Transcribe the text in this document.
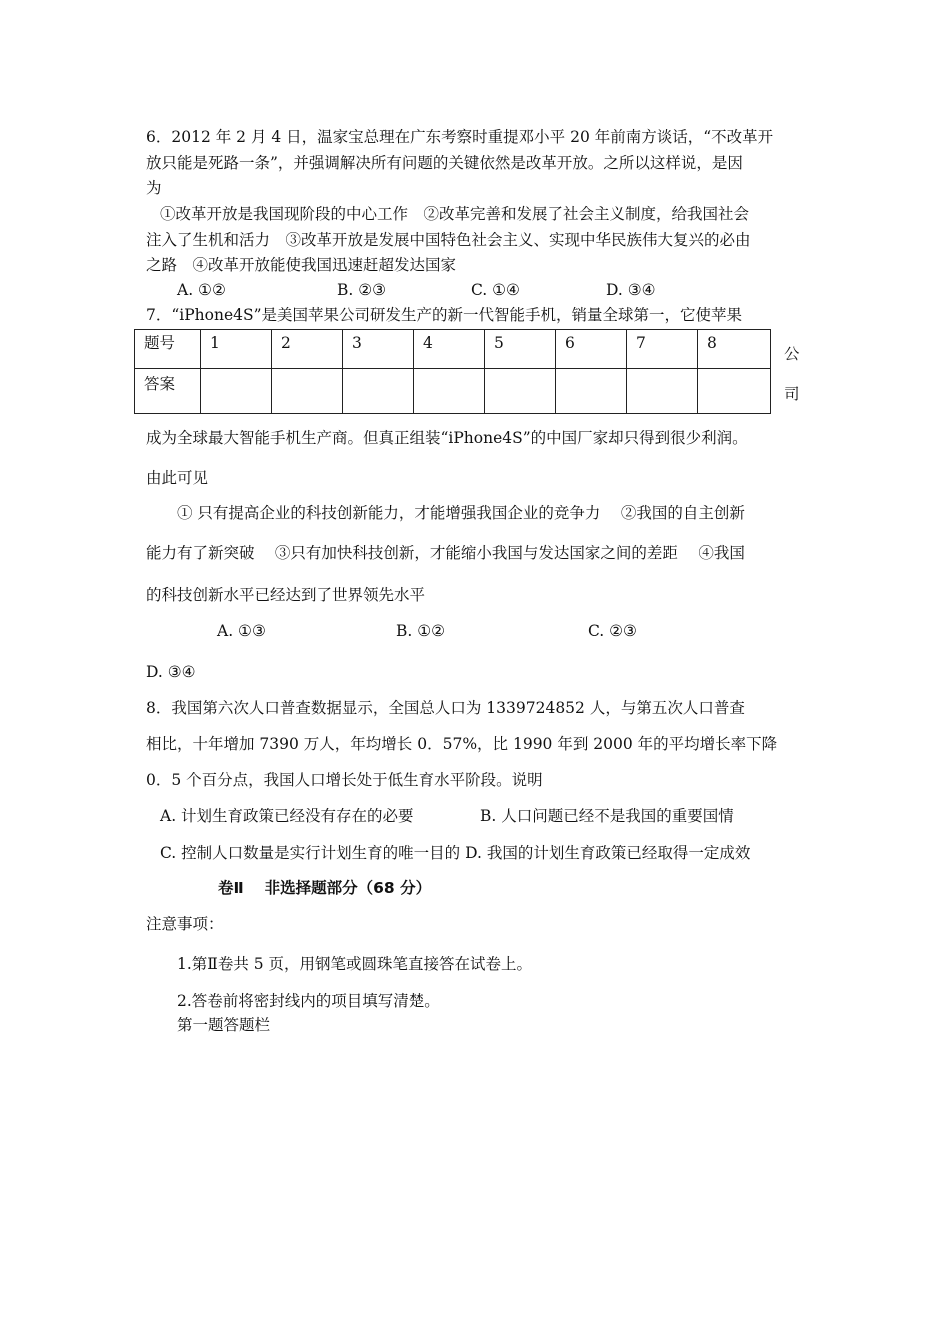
6．2012 年 2 月 4 日，温家宝总理在广东考察时重提邓小平 20 年前南方谈话，“不改革开
放只能是死路一条”，并强调解决所有问题的关键依然是改革开放。之所以这样说，是因
为
①改革开放是我国现阶段的中心工作　②改革完善和发展了社会主义制度，给我国社会
注入了生机和活力　③改革开放是发展中国特色社会主义、实现中华民族伟大复兴的必由
之路　④改革开放能使我国迅速赶超发达国家
A. ①②	B. ②③	C. ①④	D. ③④
7．“iPhone4S”是美国苹果公司研发生产的新一代智能手机，销量全球第一，它使苹果
题号	1	2	3	4	5	6	7	8
答案								
公
司
成为全球最大智能手机生产商。但真正组装“iPhone4S”的中国厂家却只得到很少利润。
由此可见
① 只有提高企业的科技创新能力，才能增强我国企业的竞争力　 ②我国的自主创新
能力有了新突破　 ③只有加快科技创新，才能缩小我国与发达国家之间的差距　 ④我国
的科技创新水平已经达到了世界领先水平
A. ①③	B. ①②	C. ②③
D. ③④
8．我国第六次人口普查数据显示，全国总人口为 1339724852 人，与第五次人口普查
相比，十年增加 7390 万人，年均增长 0．57%，比 1990 年到 2000 年的平均增长率下降
0．5 个百分点，我国人口增长处于低生育水平阶段。说明
A. 计划生育政策已经没有存在的必要	B. 人口问题已经不是我国的重要国情
C. 控制人口数量是实行计划生育的唯一目的 D. 我国的计划生育政策已经取得一定成效
卷Ⅱ　 非选择题部分（68 分）
注意事项：
1.第Ⅱ卷共 5 页，用钢笔或圆珠笔直接答在试卷上。
2.答卷前将密封线内的项目填写清楚。
第一题答题栏
